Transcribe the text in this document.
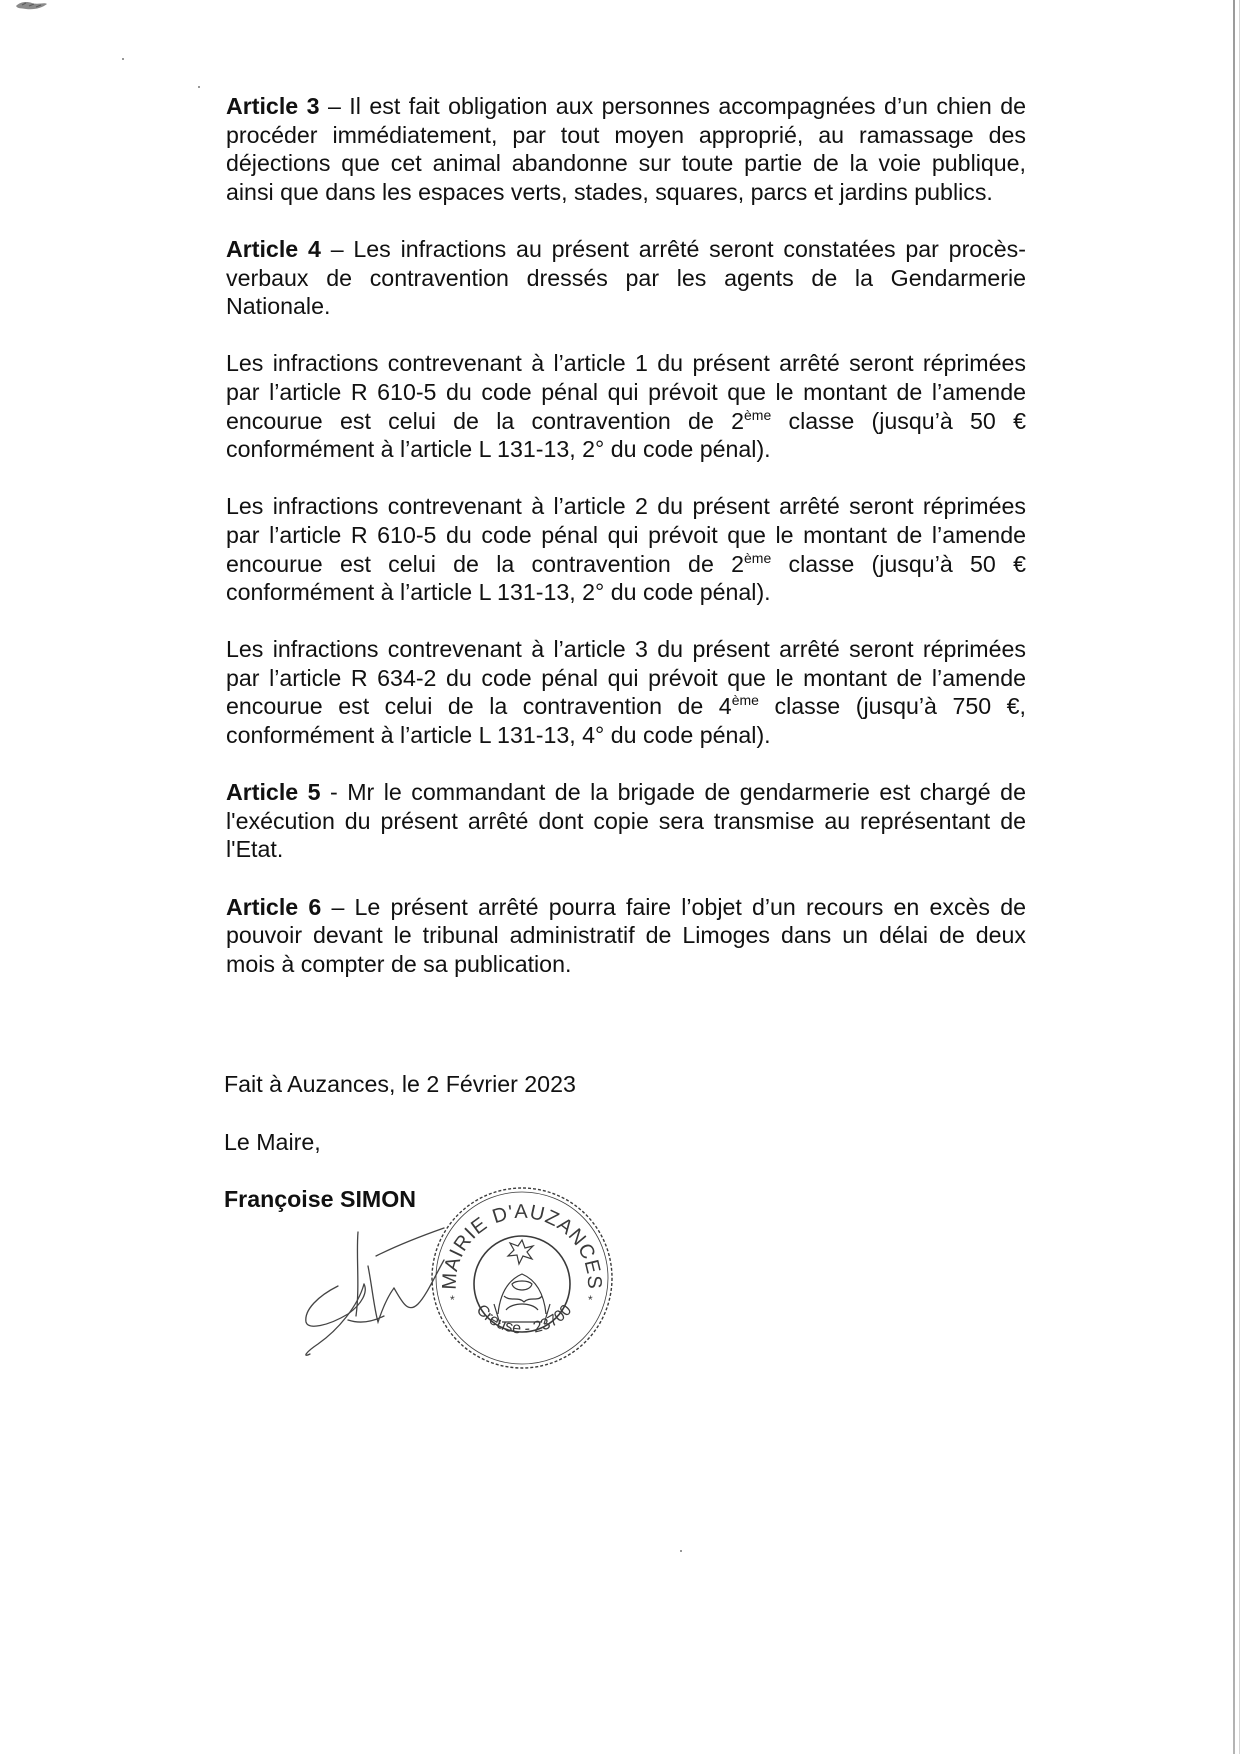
Article 3 – Il est fait obligation aux personnes accompagnées d’un chien de procéder immédiatement, par tout moyen approprié, au ramassage des déjections que cet animal abandonne sur toute partie de la voie publique, ainsi que dans les espaces verts, stades, squares, parcs et jardins publics.

Article 4 – Les infractions au présent arrêté seront constatées par procès-verbaux de contravention dressés par les agents de la Gendarmerie Nationale.

Les infractions contrevenant à l’article 1 du présent arrêté seront réprimées par l’article R 610-5 du code pénal qui prévoit que le montant de l’amende encourue est celui de la contravention de 2ème classe (jusqu’à 50 € conformément à l’article L 131-13, 2° du code pénal).

Les infractions contrevenant à l’article 2 du présent arrêté seront réprimées par l’article R 610-5 du code pénal qui prévoit que le montant de l’amende encourue est celui de la contravention de 2ème classe (jusqu’à 50 € conformément à l’article L 131-13, 2° du code pénal).

Les infractions contrevenant à l’article 3 du présent arrêté seront réprimées par l’article R 634-2 du code pénal qui prévoit que le montant de l’amende encourue est celui de la contravention de 4ème classe (jusqu’à 750 €, conformément à l’article L 131-13, 4° du code pénal).

Article 5 - Mr le commandant de la brigade de gendarmerie est chargé de l'exécution du présent arrêté dont copie sera transmise au représentant de l'Etat.

Article 6 – Le présent arrêté pourra faire l’objet d’un recours en excès de pouvoir devant le tribunal administratif de Limoges dans un délai de deux mois à compter de sa publication.

Fait à Auzances, le 2 Février 2023
Le Maire,
Françoise SIMON
MAIRIE D'AUZANCES
Creuse - 23700
*	*
